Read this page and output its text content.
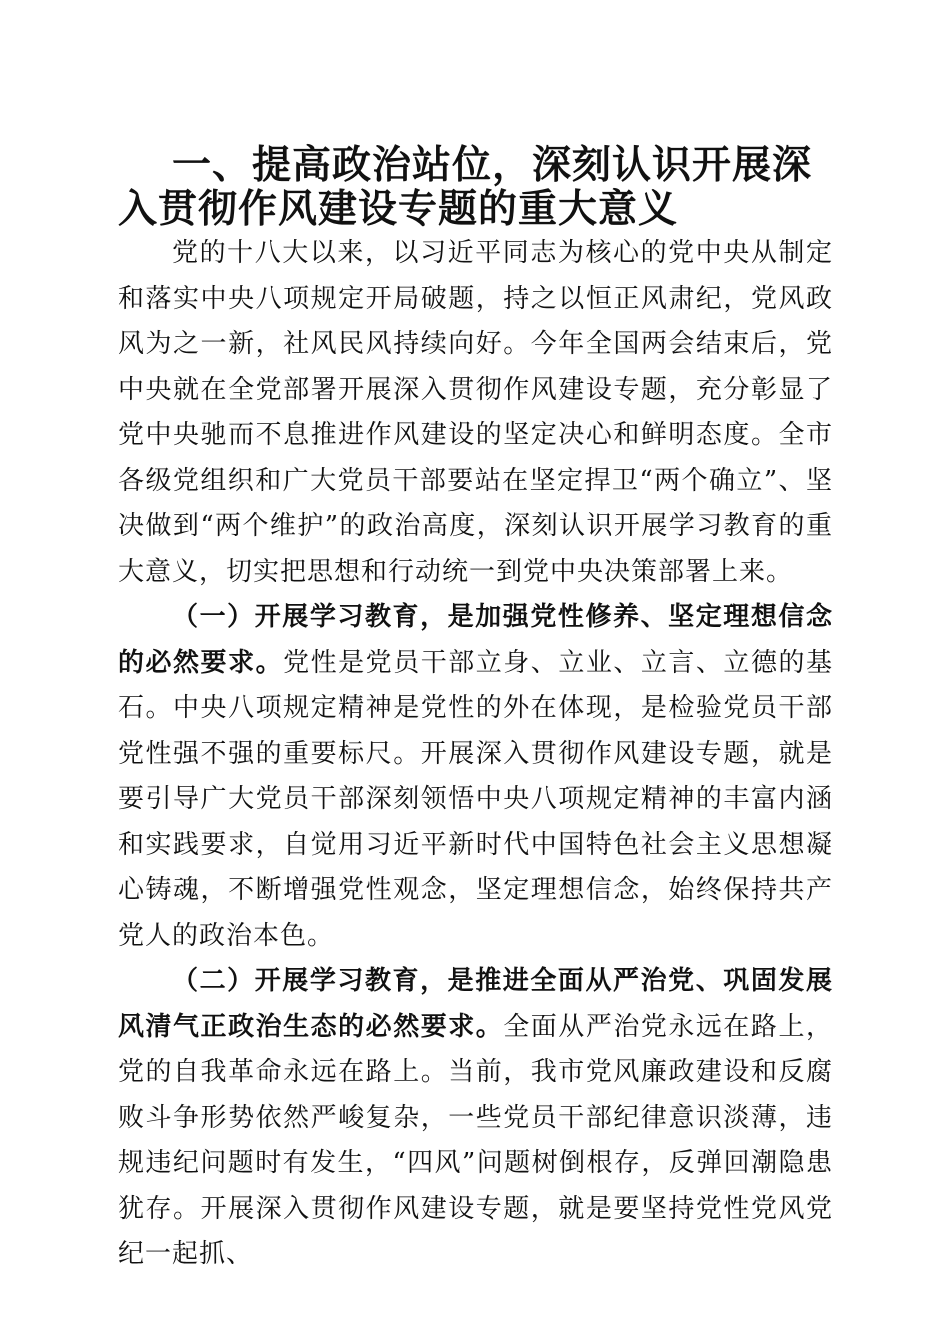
一、提高政治站位，深刻认识开展深入贯彻作风建设专题的重大意义

党的十八大以来，以习近平同志为核心的党中央从制定和落实中央八项规定开局破题，持之以恒正风肃纪，党风政风为之一新，社风民风持续向好。今年全国两会结束后，党中央就在全党部署开展深入贯彻作风建设专题，充分彰显了党中央驰而不息推进作风建设的坚定决心和鲜明态度。全市各级党组织和广大党员干部要站在坚定捍卫“两个确立”、坚决做到“两个维护”的政治高度，深刻认识开展学习教育的重大意义，切实把思想和行动统一到党中央决策部署上来。

（一）开展学习教育，是加强党性修养、坚定理想信念的必然要求。党性是党员干部立身、立业、立言、立德的基石。中央八项规定精神是党性的外在体现，是检验党员干部党性强不强的重要标尺。开展深入贯彻作风建设专题，就是要引导广大党员干部深刻领悟中央八项规定精神的丰富内涵和实践要求，自觉用习近平新时代中国特色社会主义思想凝心铸魂，不断增强党性观念，坚定理想信念，始终保持共产党人的政治本色。

（二）开展学习教育，是推进全面从严治党、巩固发展风清气正政治生态的必然要求。全面从严治党永远在路上，党的自我革命永远在路上。当前，我市党风廉政建设和反腐败斗争形势依然严峻复杂，一些党员干部纪律意识淡薄，违规违纪问题时有发生，“四风”问题树倒根存，反弹回潮隐患犹存。开展深入贯彻作风建设专题，就是要坚持党性党风党纪一起抓、
